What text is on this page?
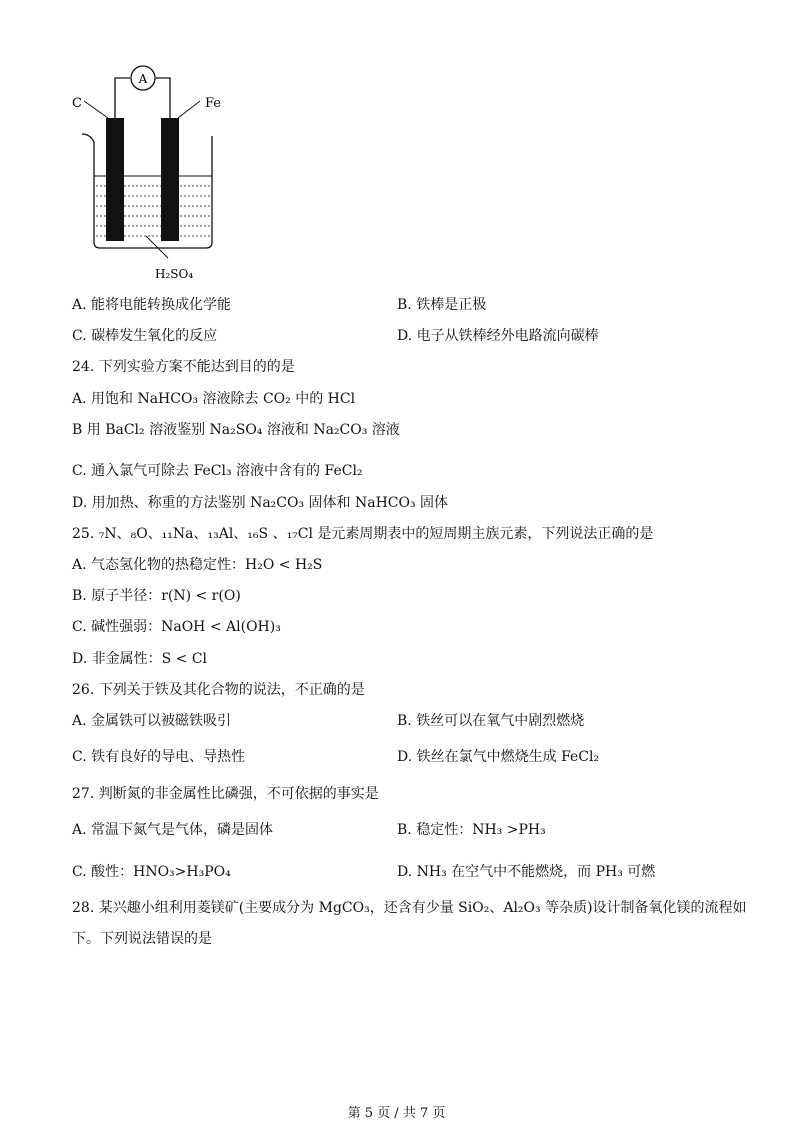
A
C	Fe
H₂SO₄
A. 能将电能转换成化学能	B. 铁棒是正极
C. 碳棒发生氧化的反应	D. 电子从铁棒经外电路流向碳棒
24. 下列实验方案不能达到目的的是
A. 用饱和 NaHCO₃ 溶液除去 CO₂ 中的 HCl
B 用 BaCl₂ 溶液鉴别 Na₂SO₄ 溶液和 Na₂CO₃ 溶液
C. 通入氯气可除去 FeCl₃ 溶液中含有的 FeCl₂
D. 用加热、称重的方法鉴别 Na₂CO₃ 固体和 NaHCO₃ 固体
25. ₇N、₈O、₁₁Na、₁₃Al、₁₆S 、₁₇Cl 是元素周期表中的短周期主族元素，下列说法正确的是
A. 气态氢化物的热稳定性：H₂O < H₂S
B. 原子半径：r(N) < r(O)
C. 碱性强弱：NaOH < Al(OH)₃
D. 非金属性：S < Cl
26. 下列关于铁及其化合物的说法，不正确的是
A. 金属铁可以被磁铁吸引	B. 铁丝可以在氧气中剧烈燃烧
C. 铁有良好的导电、导热性	D. 铁丝在氯气中燃烧生成 FeCl₂
27. 判断氮的非金属性比磷强，不可依据的事实是
A. 常温下氮气是气体，磷是固体	B. 稳定性：NH₃ >PH₃
C. 酸性：HNO₃>H₃PO₄	D. NH₃ 在空气中不能燃烧，而 PH₃ 可燃
28. 某兴趣小组利用菱镁矿(主要成分为 MgCO₃，还含有少量 SiO₂、Al₂O₃ 等杂质)设计制备氧化镁的流程如
下。下列说法错误的是
第 5 页 / 共 7 页
